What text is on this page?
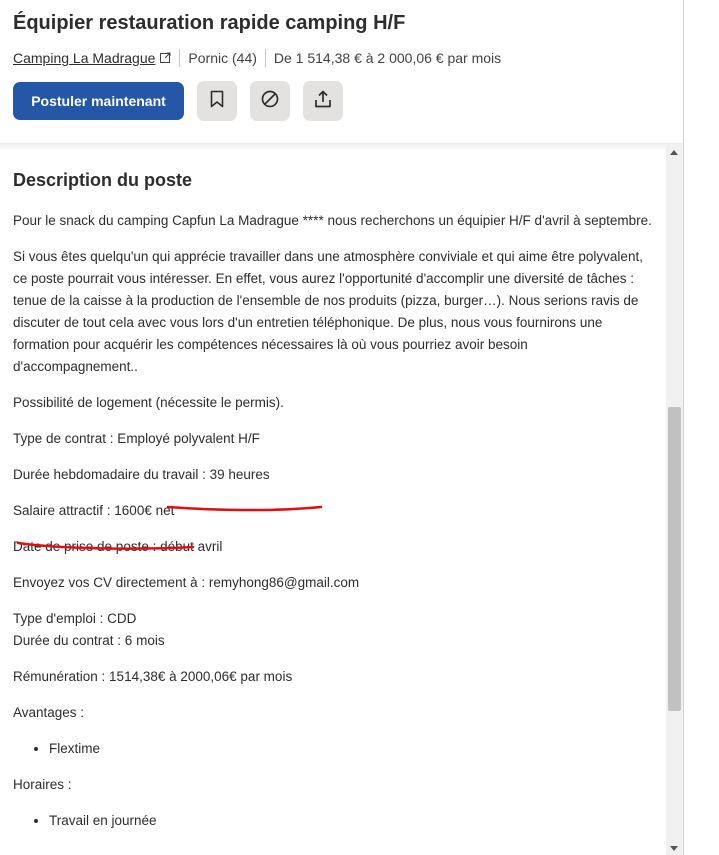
Équipier restauration rapide camping H/F
Camping La Madrague Pornic (44) De 1 514,38 € à 2 000,06 € par mois
Postuler maintenant
Description du poste

Pour le snack du camping Capfun La Madrague **** nous recherchons un équipier H/F d'avril à septembre.

Si vous êtes quelqu'un qui apprécie travailler dans une atmosphère conviviale et qui aime être polyvalent, ce poste pourrait vous intéresser. En effet, vous aurez l'opportunité d'accomplir une diversité de tâches : tenue de la caisse à la production de l'ensemble de nos produits (pizza, burger…). Nous serions ravis de discuter de tout cela avec vous lors d'un entretien téléphonique. De plus, nous vous fournirons une formation pour acquérir les compétences nécessaires là où vous pourriez avoir besoin d'accompagnement..

Possibilité de logement (nécessite le permis).

Type de contrat : Employé polyvalent H/F

Durée hebdomadaire du travail : 39 heures

Salaire attractif : 1600€ net

Date de prise de poste : début avril

Envoyez vos CV directement à : remyhong86@gmail.com

Type d'emploi : CDD

Durée du contrat : 6 mois

Rémunération : 1514,38€ à 2000,06€ par mois

Avantages :

• Flextime

Horaires :

• Travail en journée
